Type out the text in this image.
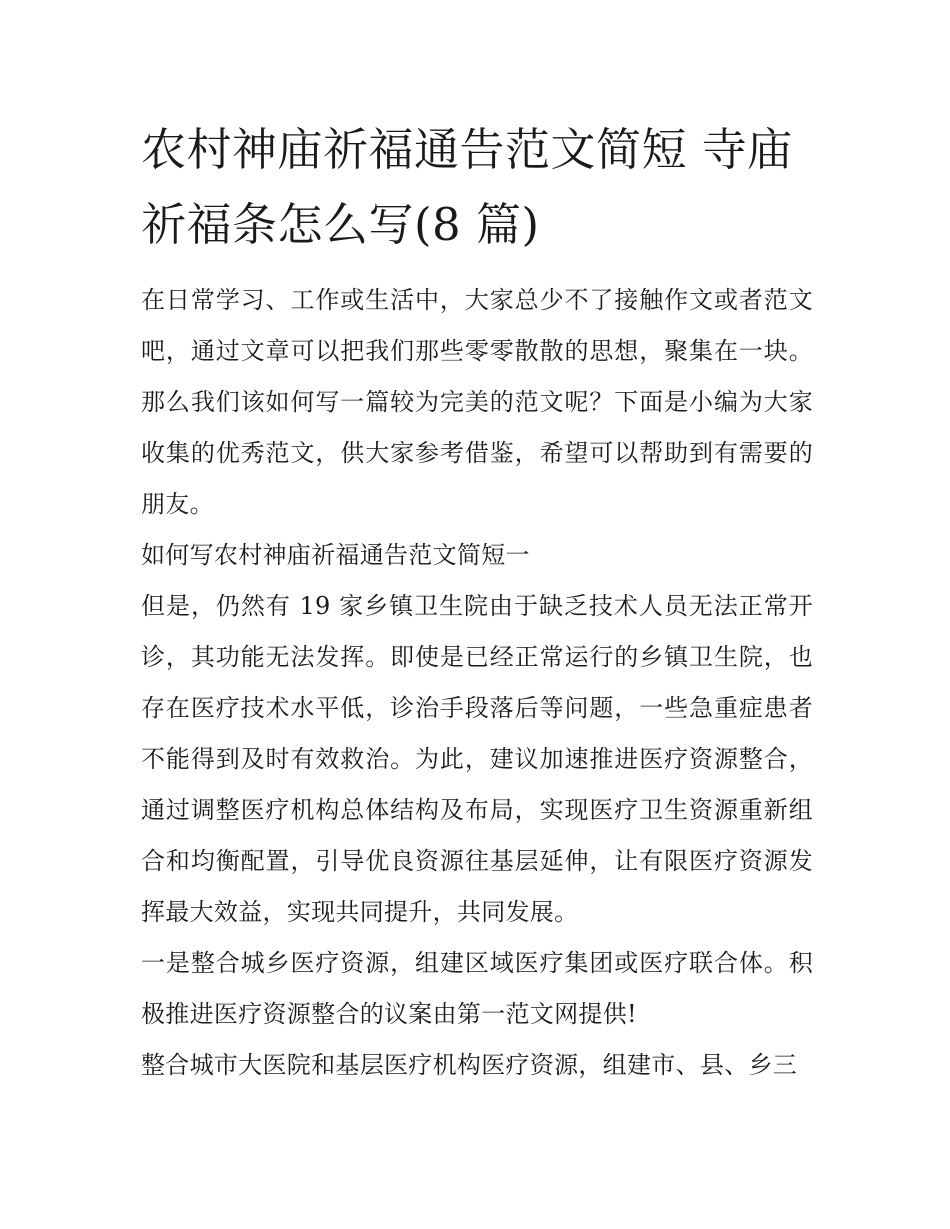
农村神庙祈福通告范文简短 寺庙祈福条怎么写(8 篇)

在日常学习、工作或生活中，大家总少不了接触作文或者范文吧，通过文章可以把我们那些零零散散的思想，聚集在一块。那么我们该如何写一篇较为完美的范文呢？下面是小编为大家收集的优秀范文，供大家参考借鉴，希望可以帮助到有需要的朋友。

如何写农村神庙祈福通告范文简短一

但是，仍然有 19 家乡镇卫生院由于缺乏技术人员无法正常开诊，其功能无法发挥。即使是已经正常运行的乡镇卫生院，也存在医疗技术水平低，诊治手段落后等问题，一些急重症患者不能得到及时有效救治。为此，建议加速推进医疗资源整合，通过调整医疗机构总体结构及布局，实现医疗卫生资源重新组合和均衡配置，引导优良资源往基层延伸，让有限医疗资源发挥最大效益，实现共同提升，共同发展。

一是整合城乡医疗资源，组建区域医疗集团或医疗联合体。积极推进医疗资源整合的议案由第一范文网提供!

整合城市大医院和基层医疗机构医疗资源，组建市、县、乡三
